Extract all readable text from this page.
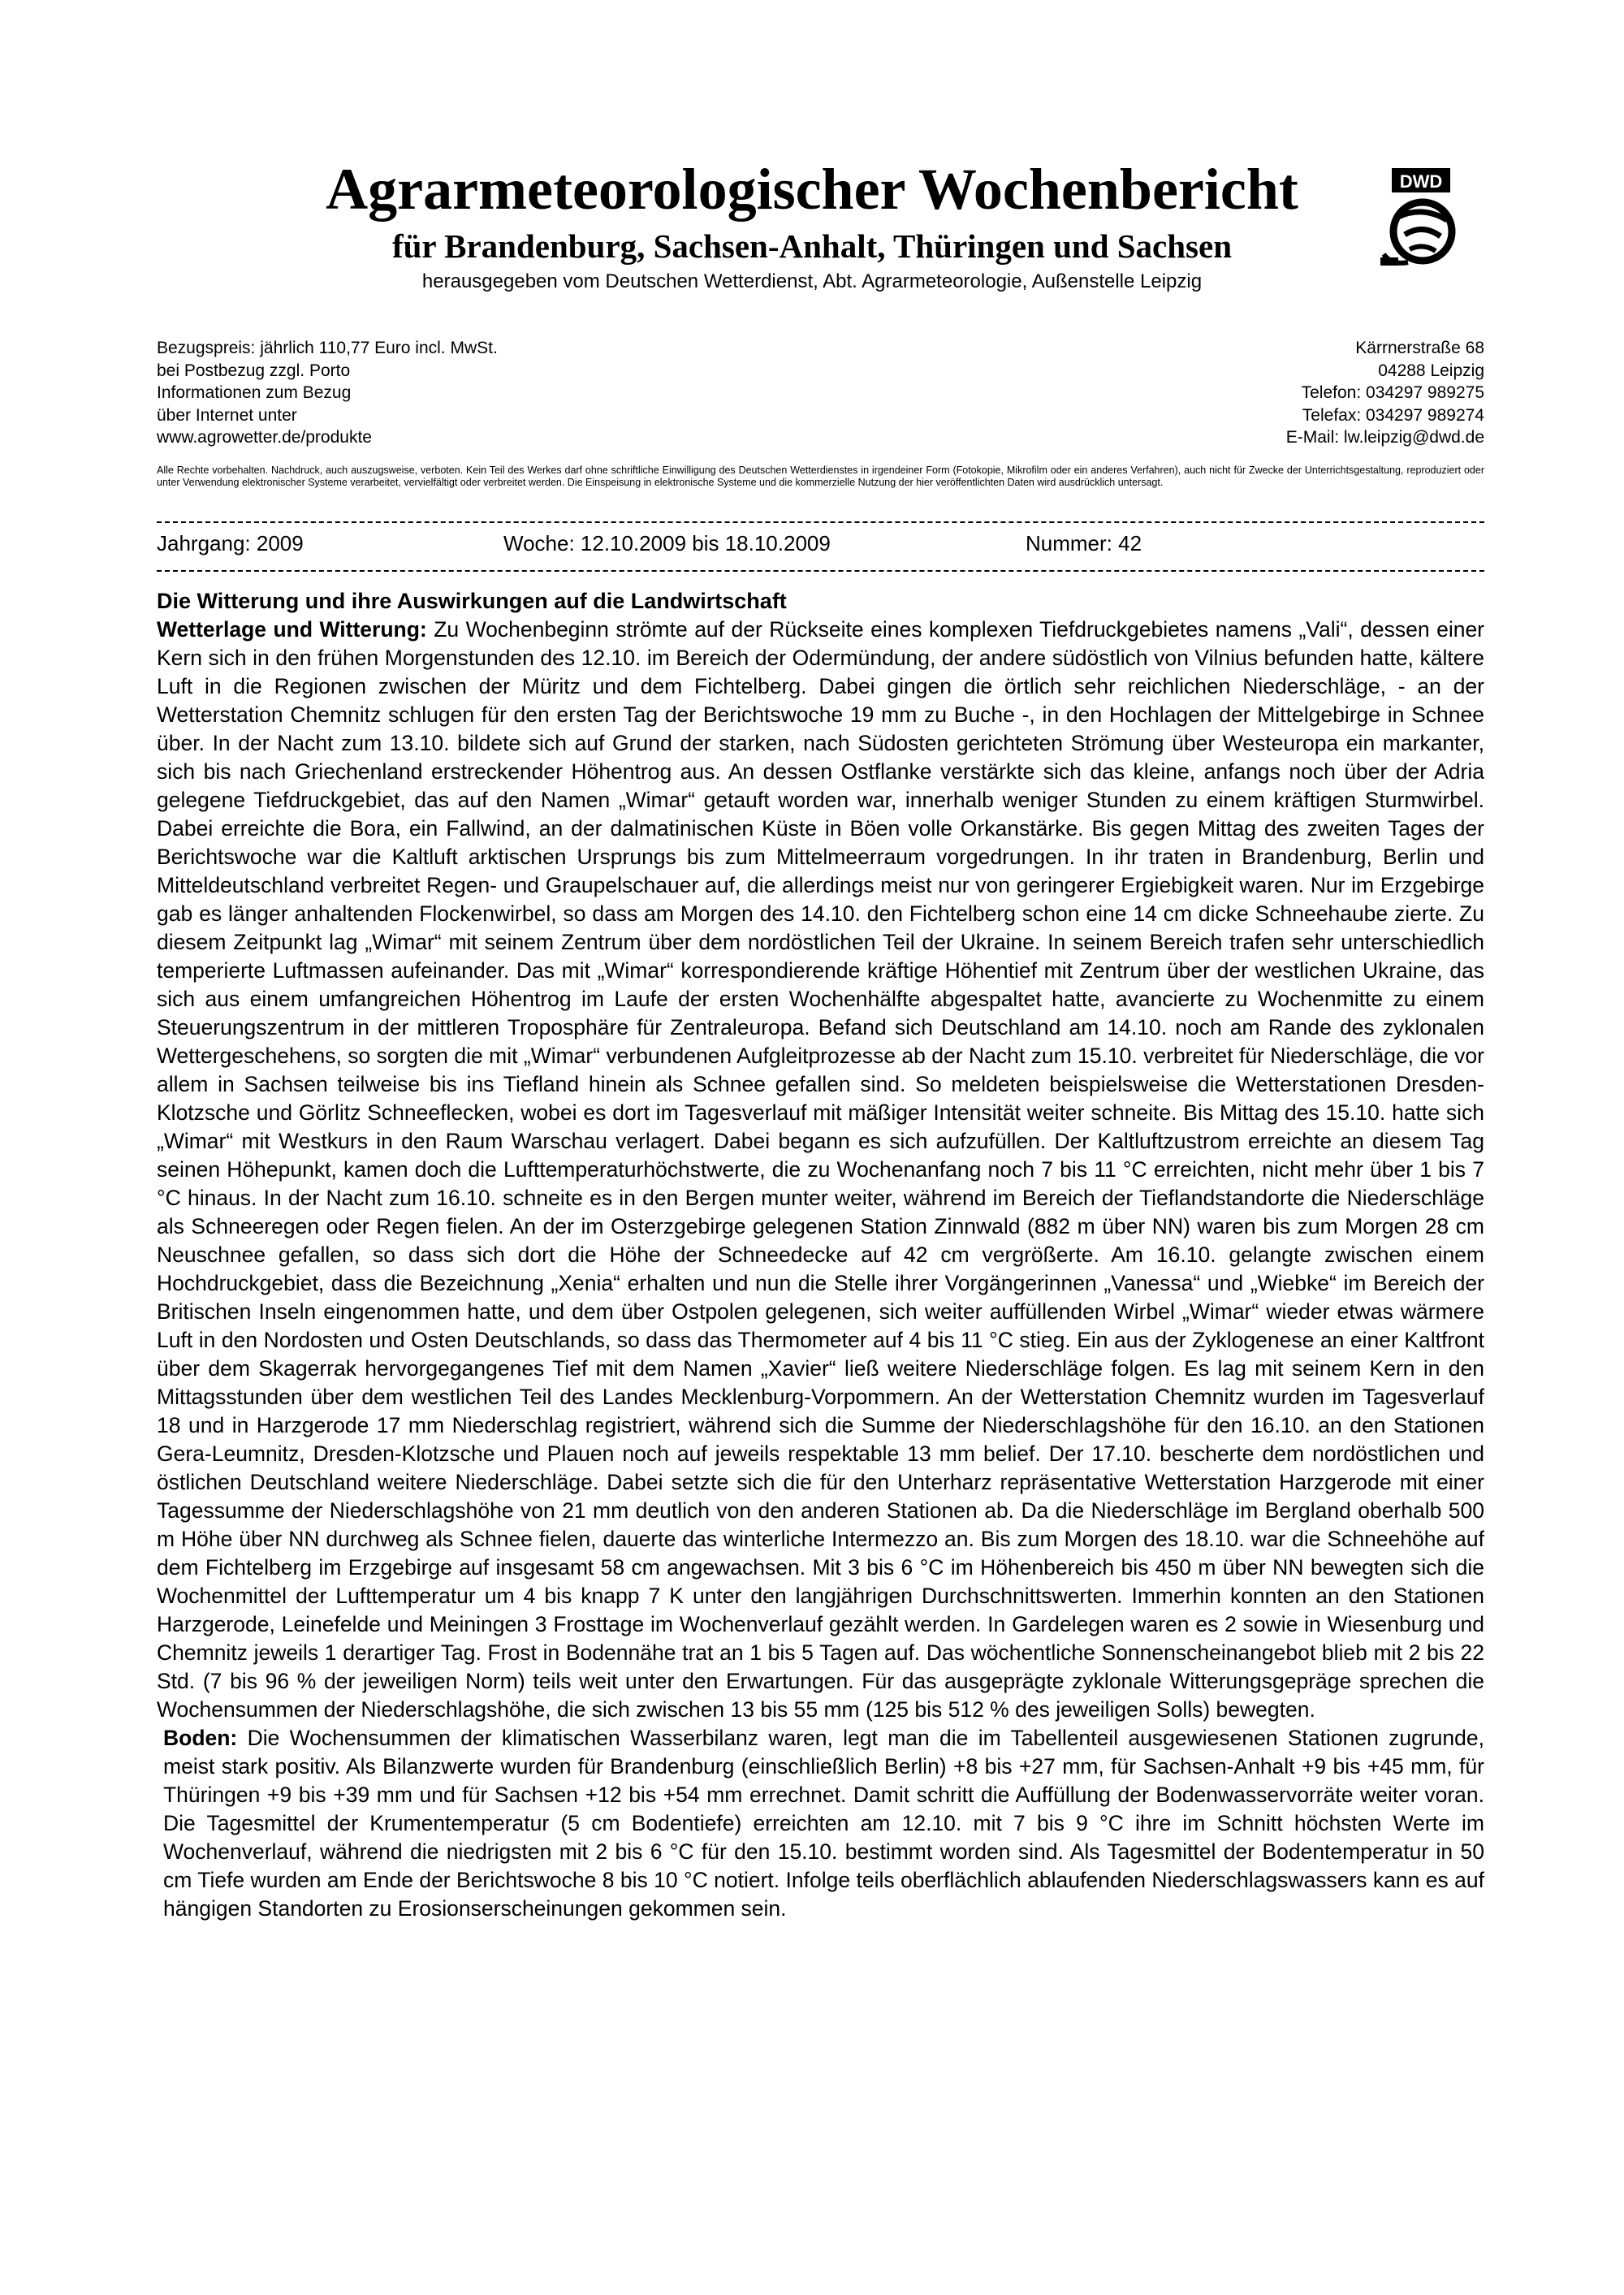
Agrarmeteorologischer Wochenbericht
für Brandenburg, Sachsen-Anhalt, Thüringen und Sachsen
herausgegeben vom Deutschen Wetterdienst, Abt. Agrarmeteorologie, Außenstelle Leipzig
DWD
Bezugspreis: jährlich 110,77 Euro incl. MwSt.
bei Postbezug zzgl. Porto
Informationen zum Bezug
über Internet unter
www.agrowetter.de/produkte
Kärrnerstraße 68
04288 Leipzig
Telefon: 034297 989275
Telefax: 034297 989274
E-Mail: lw.leipzig@dwd.de
Alle Rechte vorbehalten. Nachdruck, auch auszugsweise, verboten. Kein Teil des Werkes darf ohne schriftliche Einwilligung des Deutschen Wetterdienstes in irgendeiner Form (Fotokopie, Mikrofilm oder ein anderes Verfahren), auch nicht für Zwecke der Unterrichtsgestaltung, reproduziert oder unter Verwendung elektronischer Systeme verarbeitet, vervielfältigt oder verbreitet werden. Die Einspeisung in elektronische Systeme und die kommerzielle Nutzung der hier veröffentlichten Daten wird ausdrücklich untersagt.
Jahrgang: 2009	Woche: 12.10.2009 bis 18.10.2009	Nummer: 42
Die Witterung und ihre Auswirkungen auf die Landwirtschaft

Wetterlage und Witterung: Zu Wochenbeginn strömte auf der Rückseite eines komplexen Tiefdruckgebietes namens „Vali“, dessen einer Kern sich in den frühen Morgenstunden des 12.10. im Bereich der Odermündung, der andere südöstlich von Vilnius befunden hatte, kältere Luft in die Regionen zwischen der Müritz und dem Fichtelberg. Dabei gingen die örtlich sehr reichlichen Niederschläge, - an der Wetterstation Chemnitz schlugen für den ersten Tag der Berichtswoche 19 mm zu Buche -, in den Hochlagen der Mittelgebirge in Schnee über. In der Nacht zum 13.10. bildete sich auf Grund der starken, nach Südosten gerichteten Strömung über Westeuropa ein markanter, sich bis nach Griechenland erstreckender Höhentrog aus. An dessen Ostflanke verstärkte sich das kleine, anfangs noch über der Adria gelegene Tiefdruckgebiet, das auf den Namen „Wimar“ getauft worden war, innerhalb weniger Stunden zu einem kräftigen Sturmwirbel. Dabei erreichte die Bora, ein Fallwind, an der dalmatinischen Küste in Böen volle Orkanstärke. Bis gegen Mittag des zweiten Tages der Berichtswoche war die Kaltluft arktischen Ursprungs bis zum Mittelmeerraum vorgedrungen. In ihr traten in Brandenburg, Berlin und Mitteldeutschland verbreitet Regen- und Graupelschauer auf, die allerdings meist nur von geringerer Ergiebigkeit waren. Nur im Erzgebirge gab es länger anhaltenden Flockenwirbel, so dass am Morgen des 14.10. den Fichtelberg schon eine 14 cm dicke Schneehaube zierte. Zu diesem Zeitpunkt lag „Wimar“ mit seinem Zentrum über dem nordöstlichen Teil der Ukraine. In seinem Bereich trafen sehr unterschiedlich temperierte Luftmassen aufeinander. Das mit „Wimar“ korrespondierende kräftige Höhentief mit Zentrum über der westlichen Ukraine, das sich aus einem umfangreichen Höhentrog im Laufe der ersten Wochenhälfte abgespaltet hatte, avancierte zu Wochenmitte zu einem Steuerungszentrum in der mittleren Troposphäre für Zentraleuropa. Befand sich Deutschland am 14.10. noch am Rande des zyklonalen Wettergeschehens, so sorgten die mit „Wimar“ verbundenen Aufgleitprozesse ab der Nacht zum 15.10. verbreitet für Niederschläge, die vor allem in Sachsen teilweise bis ins Tiefland hinein als Schnee gefallen sind. So meldeten beispielsweise die Wetterstationen Dresden-Klotzsche und Görlitz Schneeflecken, wobei es dort im Tagesverlauf mit mäßiger Intensität weiter schneite. Bis Mittag des 15.10. hatte sich „Wimar“ mit Westkurs in den Raum Warschau verlagert. Dabei begann es sich aufzufüllen. Der Kaltluftzustrom erreichte an diesem Tag seinen Höhepunkt, kamen doch die Lufttemperaturhöchstwerte, die zu Wochenanfang noch 7 bis 11 °C erreichten, nicht mehr über 1 bis 7 °C hinaus. In der Nacht zum 16.10. schneite es in den Bergen munter weiter, während im Bereich der Tieflandstandorte die Niederschläge als Schneeregen oder Regen fielen. An der im Osterzgebirge gelegenen Station Zinnwald (882 m über NN) waren bis zum Morgen 28 cm Neuschnee gefallen, so dass sich dort die Höhe der Schneedecke auf 42 cm vergrößerte. Am 16.10. gelangte zwischen einem Hochdruckgebiet, dass die Bezeichnung „Xenia“ erhalten und nun die Stelle ihrer Vorgängerinnen „Vanessa“ und „Wiebke“ im Bereich der Britischen Inseln eingenommen hatte, und dem über Ostpolen gelegenen, sich weiter auffüllenden Wirbel „Wimar“ wieder etwas wärmere Luft in den Nordosten und Osten Deutschlands, so dass das Thermometer auf 4 bis 11 °C stieg. Ein aus der Zyklogenese an einer Kaltfront über dem Skagerrak hervorgegangenes Tief mit dem Namen „Xavier“ ließ weitere Niederschläge folgen. Es lag mit seinem Kern in den Mittagsstunden über dem westlichen Teil des Landes Mecklenburg-Vorpommern. An der Wetterstation Chemnitz wurden im Tagesverlauf 18 und in Harzgerode 17 mm Niederschlag registriert, während sich die Summe der Niederschlagshöhe für den 16.10. an den Stationen Gera-Leumnitz, Dresden-Klotzsche und Plauen noch auf jeweils respektable 13 mm belief. Der 17.10. bescherte dem nordöstlichen und östlichen Deutschland weitere Niederschläge. Dabei setzte sich die für den Unterharz repräsentative Wetterstation Harzgerode mit einer Tagessumme der Niederschlagshöhe von 21 mm deutlich von den anderen Stationen ab. Da die Niederschläge im Bergland oberhalb 500 m Höhe über NN durchweg als Schnee fielen, dauerte das winterliche Intermezzo an. Bis zum Morgen des 18.10. war die Schneehöhe auf dem Fichtelberg im Erzgebirge auf insgesamt 58 cm angewachsen. Mit 3 bis 6 °C im Höhenbereich bis 450 m über NN bewegten sich die Wochenmittel der Lufttemperatur um 4 bis knapp 7 K unter den langjährigen Durchschnittswerten. Immerhin konnten an den Stationen Harzgerode, Leinefelde und Meiningen 3 Frosttage im Wochenverlauf gezählt werden. In Gardelegen waren es 2 sowie in Wiesenburg und Chemnitz jeweils 1 derartiger Tag. Frost in Bodennähe trat an 1 bis 5 Tagen auf. Das wöchentliche Sonnenscheinangebot blieb mit 2 bis 22 Std. (7 bis 96 % der jeweiligen Norm) teils weit unter den Erwartungen. Für das ausgeprägte zyklonale Witterungsgepräge sprechen die Wochensummen der Niederschlagshöhe, die sich zwischen 13 bis 55 mm (125 bis 512 % des jeweiligen Solls) bewegten.

Boden: Die Wochensummen der klimatischen Wasserbilanz waren, legt man die im Tabellenteil ausgewiesenen Stationen zugrunde, meist stark positiv. Als Bilanzwerte wurden für Brandenburg (einschließlich Berlin) +8 bis +27 mm, für Sachsen-Anhalt +9 bis +45 mm, für Thüringen +9 bis +39 mm und für Sachsen +12 bis +54 mm errechnet. Damit schritt die Auffüllung der Bodenwasservorräte weiter voran. Die Tagesmittel der Krumentemperatur (5 cm Bodentiefe) erreichten am 12.10. mit 7 bis 9 °C ihre im Schnitt höchsten Werte im Wochenverlauf, während die niedrigsten mit 2 bis 6 °C für den 15.10. bestimmt worden sind. Als Tagesmittel der Bodentemperatur in 50 cm Tiefe wurden am Ende der Berichtswoche 8 bis 10 °C notiert. Infolge teils oberflächlich ablaufenden Niederschlagswassers kann es auf hängigen Standorten zu Erosionserscheinungen gekommen sein.
